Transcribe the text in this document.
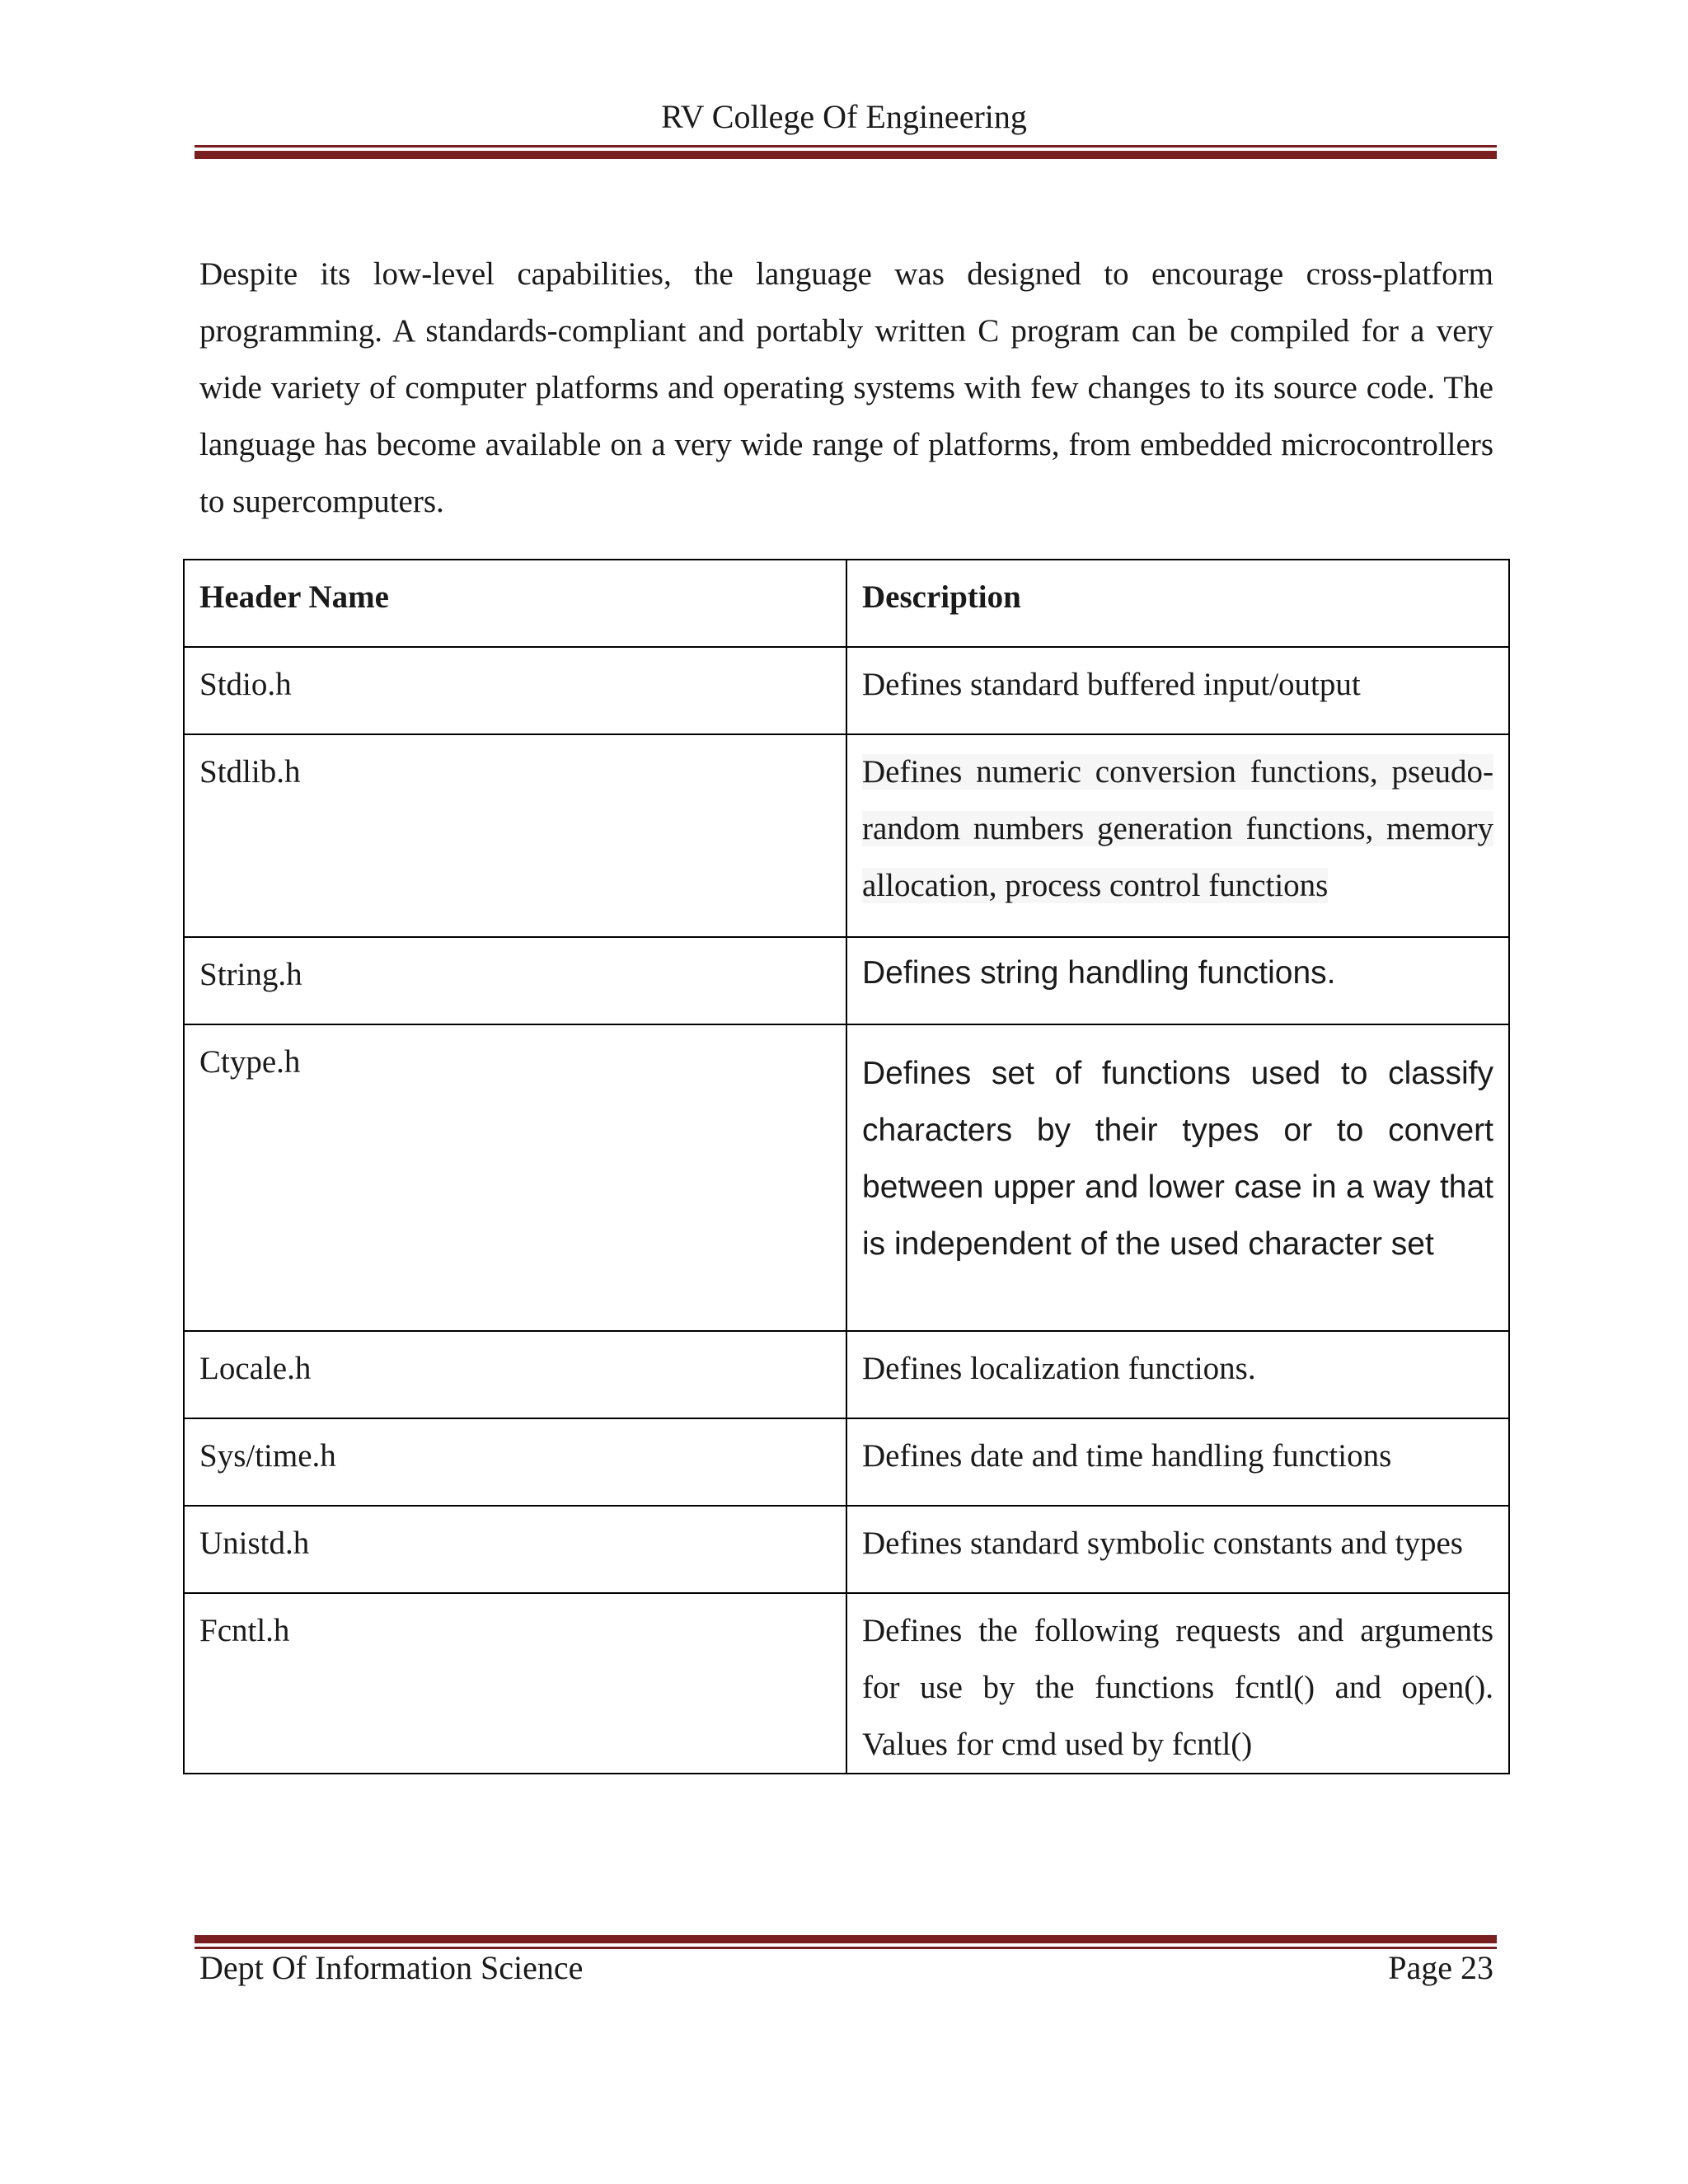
RV College Of Engineering

Despite its low-level capabilities, the language was designed to encourage cross-platform programming. A standards-compliant and portably written C program can be compiled for a very wide variety of computer platforms and operating systems with few changes to its source code. The language has become available on a very wide range of platforms, from embedded microcontrollers to supercomputers.

Header Name	Description
Stdio.h	Defines standard buffered input/output
Stdlib.h	Defines numeric conversion functions, pseudo-random numbers generation functions, memory allocation, process control functions
String.h	Defines string handling functions.
Ctype.h	Defines set of functions used to classify characters by their types or to convert between upper and lower case in a way that is independent of the used character set
Locale.h	Defines localization functions.
Sys/time.h	Defines date and time handling functions
Unistd.h	Defines standard symbolic constants and types
Fcntl.h	Defines the following requests and arguments for use by the functions fcntl() and open(). Values for cmd used by fcntl()
Dept Of Information Science	Page 23
